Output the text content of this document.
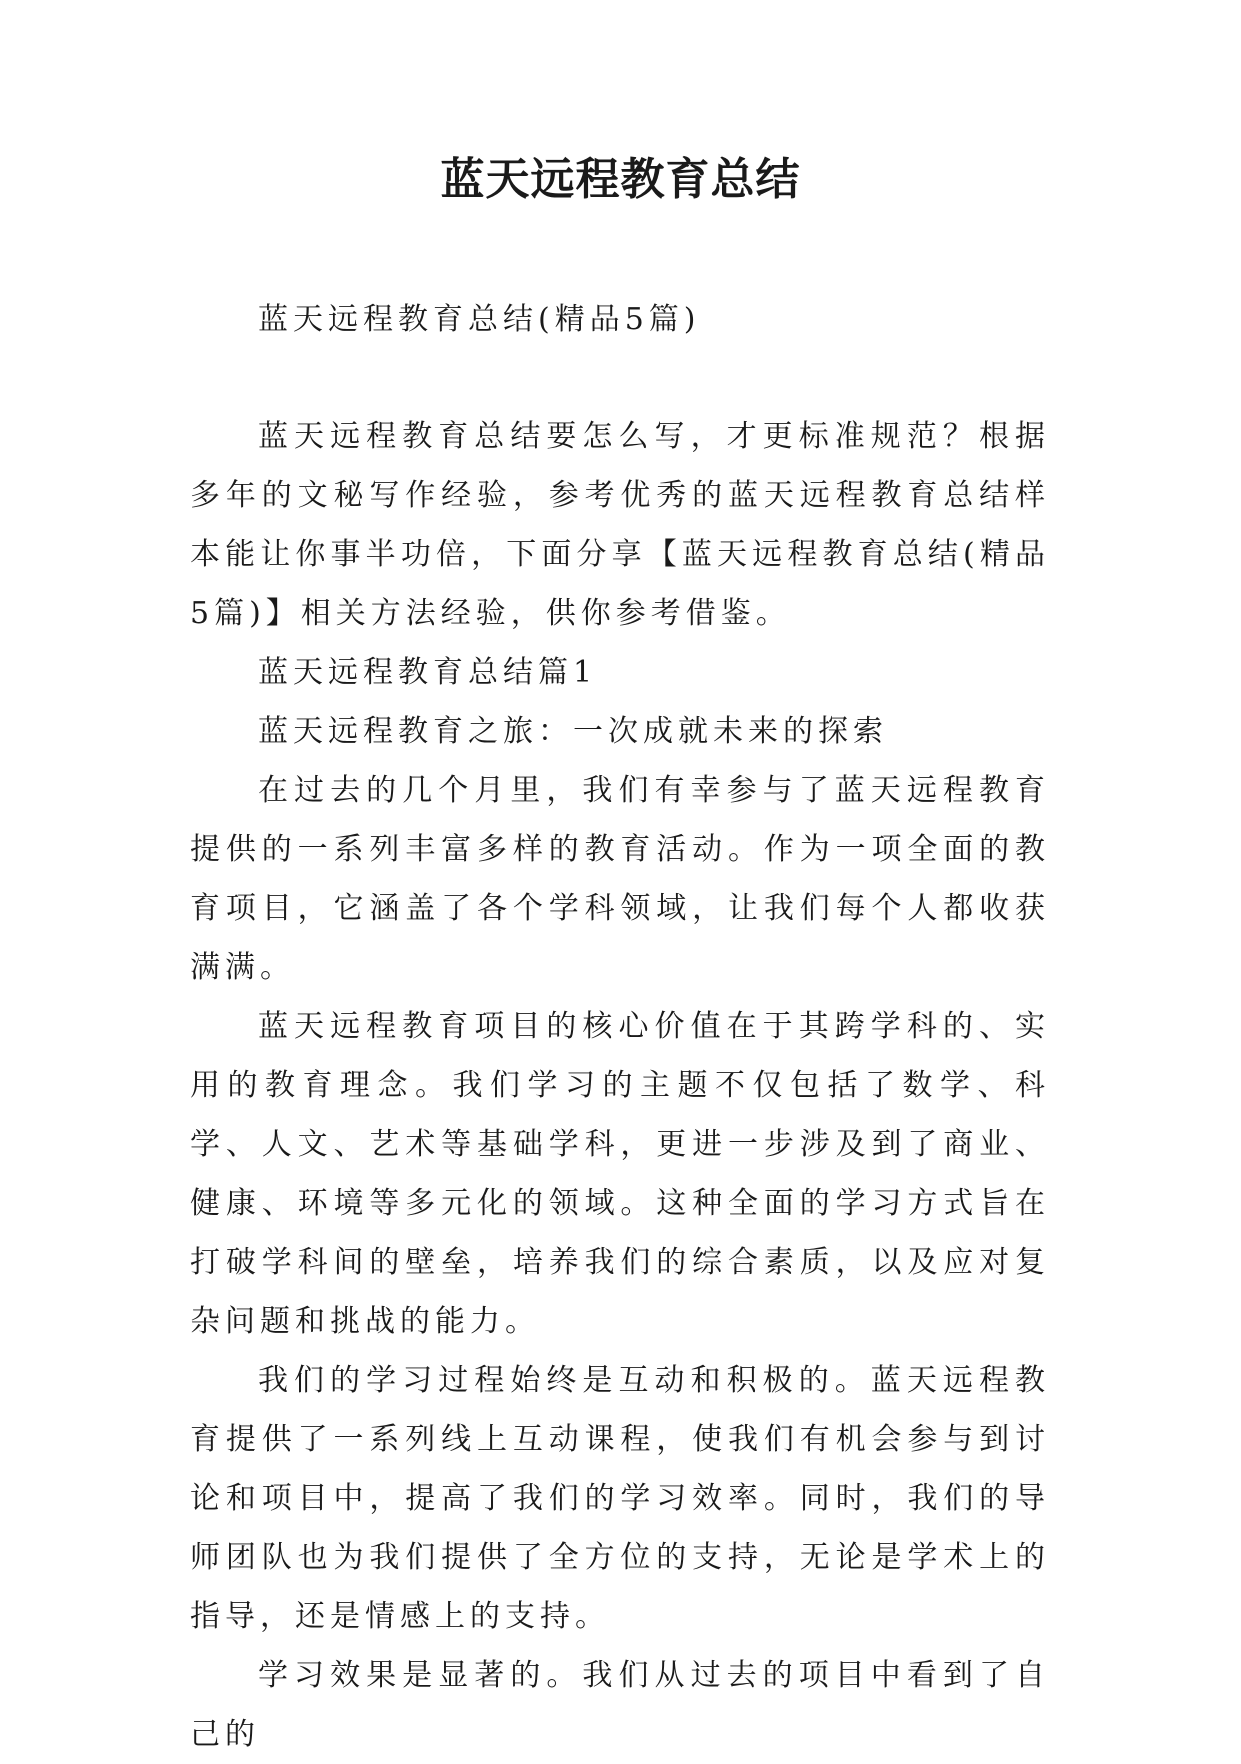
蓝天远程教育总结

蓝天远程教育总结(精品5篇)

蓝天远程教育总结要怎么写，才更标准规范？根据多年的文秘写作经验，参考优秀的蓝天远程教育总结样本能让你事半功倍，下面分享【蓝天远程教育总结(精品5篇)】相关方法经验，供你参考借鉴。

蓝天远程教育总结篇1

蓝天远程教育之旅：一次成就未来的探索

在过去的几个月里，我们有幸参与了蓝天远程教育提供的一系列丰富多样的教育活动。作为一项全面的教育项目，它涵盖了各个学科领域，让我们每个人都收获满满。

蓝天远程教育项目的核心价值在于其跨学科的、实用的教育理念。我们学习的主题不仅包括了数学、科学、人文、艺术等基础学科，更进一步涉及到了商业、健康、环境等多元化的领域。这种全面的学习方式旨在打破学科间的壁垒，培养我们的综合素质，以及应对复杂问题和挑战的能力。

我们的学习过程始终是互动和积极的。蓝天远程教育提供了一系列线上互动课程，使我们有机会参与到讨论和项目中，提高了我们的学习效率。同时，我们的导师团队也为我们提供了全方位的支持，无论是学术上的指导，还是情感上的支持。

学习效果是显著的。我们从过去的项目中看到了自己的
